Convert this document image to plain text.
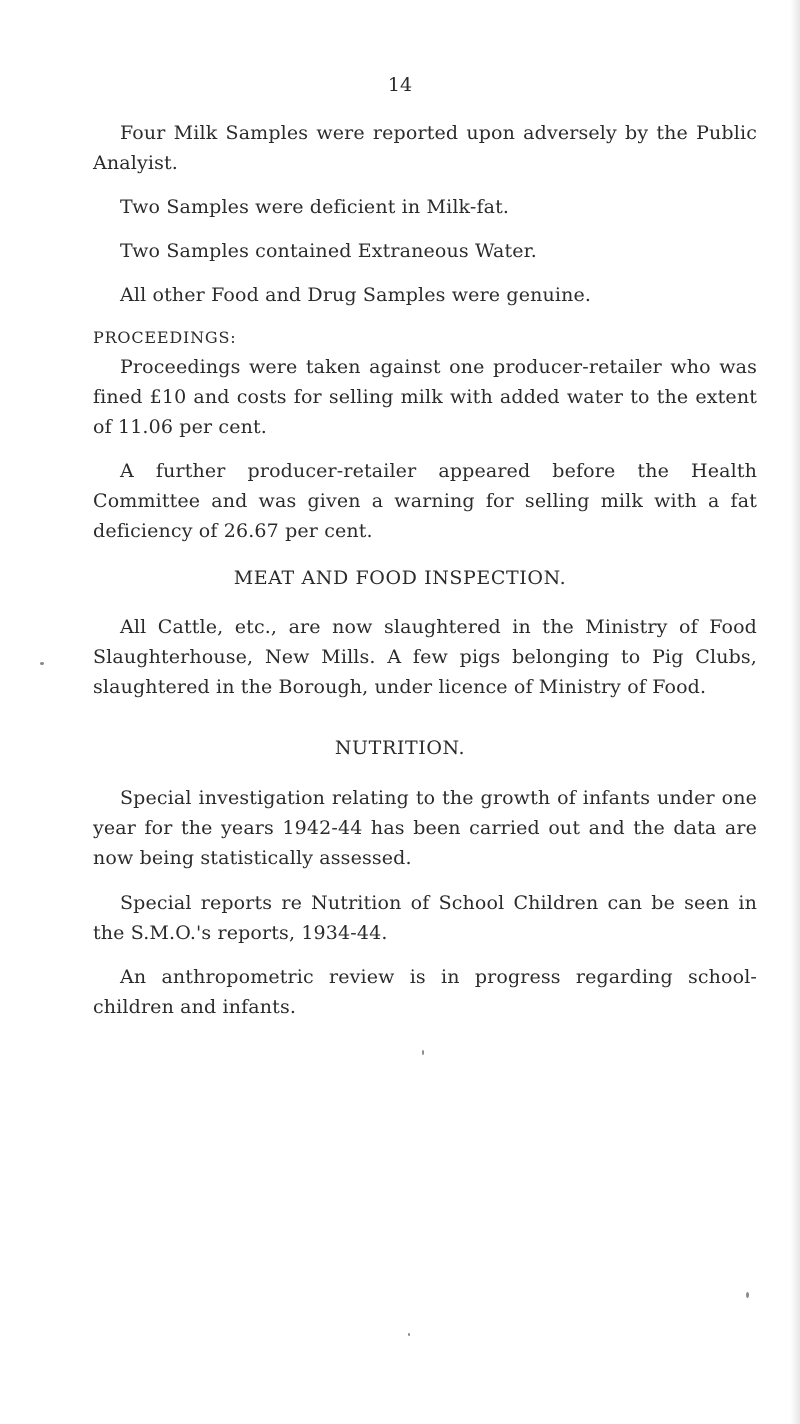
14

Four Milk Samples were reported upon adversely by the Public Analyist.

Two Samples were deficient in Milk-fat.

Two Samples contained Extraneous Water.

All other Food and Drug Samples were genuine.

PROCEEDINGS:

Proceedings were taken against one producer-retailer who was fined £10 and costs for selling milk with added water to the extent of 11.06 per cent.

A further producer-retailer appeared before the Health Committee and was given a warning for selling milk with a fat deficiency of 26.67 per cent.

MEAT AND FOOD INSPECTION.

All Cattle, etc., are now slaughtered in the Ministry of Food Slaughterhouse, New Mills. A few pigs belonging to Pig Clubs, slaughtered in the Borough, under licence of Ministry of Food.

NUTRITION.

Special investigation relating to the growth of infants under one year for the years 1942-44 has been carried out and the data are now being statistically assessed.

Special reports re Nutrition of School Children can be seen in the S.M.O.'s reports, 1934-44.

An anthropometric review is in progress regarding school-children and infants.
